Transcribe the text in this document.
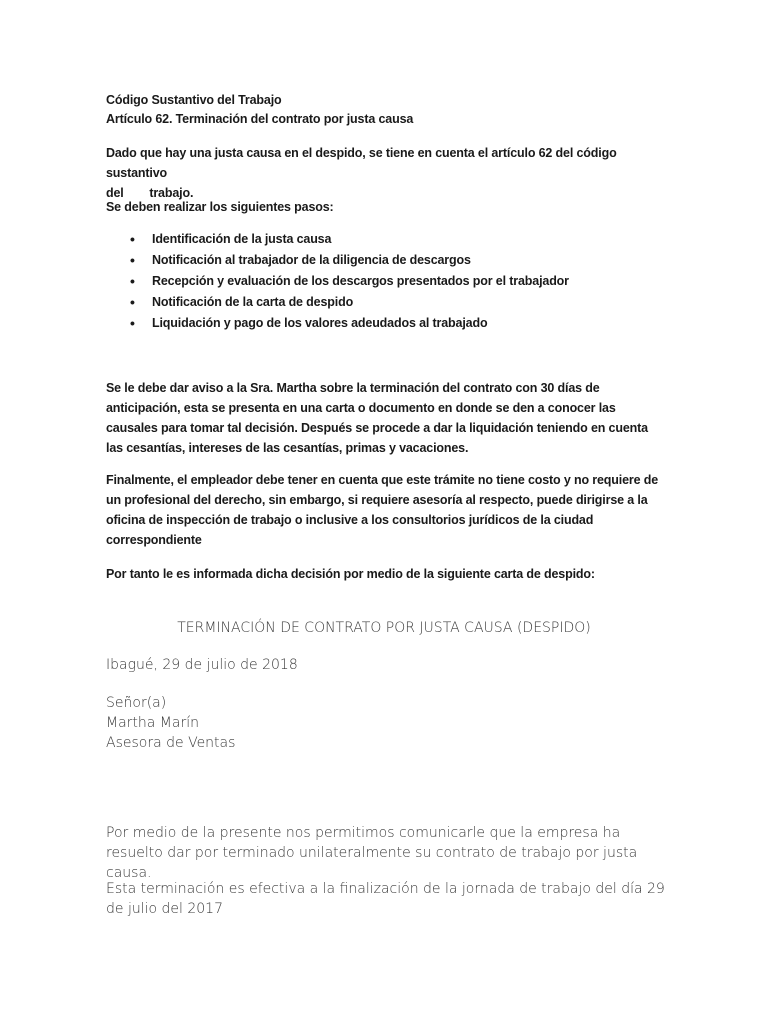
Código Sustantivo del Trabajo
Artículo 62. Terminación del contrato por justa causa
Dado que hay una justa causa en el despido, se tiene en cuenta el artículo 62 del código sustantivo
del trabajo.
Se deben realizar los siguientes pasos:
• Identificación de la justa causa
• Notificación al trabajador de la diligencia de descargos
• Recepción y evaluación de los descargos presentados por el trabajador
• Notificación de la carta de despido
• Liquidación y pago de los valores adeudados al trabajado
Se le debe dar aviso a la Sra. Martha sobre la terminación del contrato con 30 días de anticipación, esta se presenta en una carta o documento en donde se den a conocer las causales para tomar tal decisión. Después se procede a dar la liquidación teniendo en cuenta las cesantías, intereses de las cesantías, primas y vacaciones.
Finalmente, el empleador debe tener en cuenta que este trámite no tiene costo y no requiere de un profesional del derecho, sin embargo, si requiere asesoría al respecto, puede dirigirse a la oficina de inspección de trabajo o inclusive a los consultorios jurídicos de la ciudad correspondiente
Por tanto le es informada dicha decisión por medio de la siguiente carta de despido:
TERMINACIÓN DE CONTRATO POR JUSTA CAUSA (DESPIDO)
Ibagué, 29 de julio de 2018
Señor(a)
Martha Marín
Asesora de Ventas
Por medio de la presente nos permitimos comunicarle que la empresa ha resuelto dar por terminado unilateralmente su contrato de trabajo por justa causa.
Esta terminación es efectiva a la finalización de la jornada de trabajo del día 29 de julio del 2017
